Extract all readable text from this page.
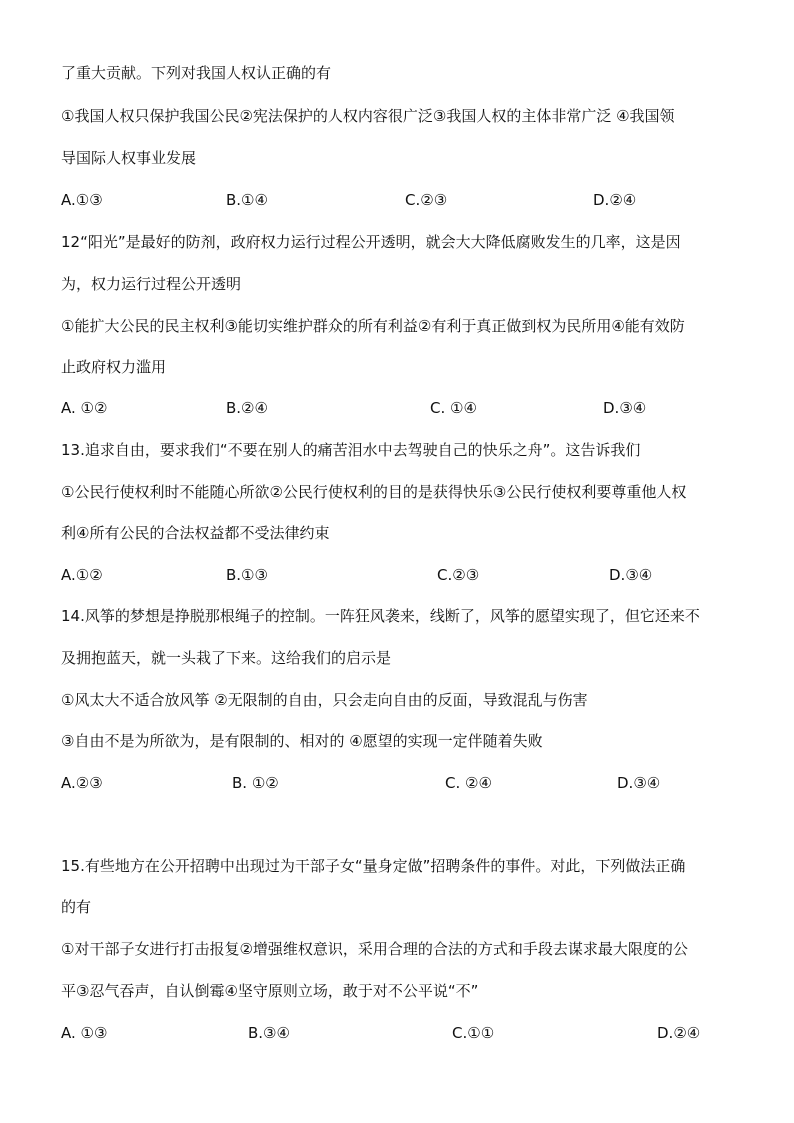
了重大贡献。下列对我国人权认正确的有
①我国人权只保护我国公民②宪法保护的人权内容很广泛③我国人权的主体非常广泛 ④我国领
导国际人权事业发展
A.①③	B.①④	C.②③	D.②④
12“阳光”是最好的防剂，政府权力运行过程公开透明，就会大大降低腐败发生的几率，这是因
为，权力运行过程公开透明
①能扩大公民的民主权利③能切实维护群众的所有利益②有利于真正做到权为民所用④能有效防
止政府权力滥用
A. ①②	B.②④	C. ①④	D.③④
13.追求自由，要求我们“不要在别人的痛苦泪水中去驾驶自己的快乐之舟”。这告诉我们
①公民行使权利时不能随心所欲②公民行使权利的目的是获得快乐③公民行使权利要尊重他人权
利④所有公民的合法权益都不受法律约束
A.①②	B.①③	C.②③	D.③④
14.风筝的梦想是挣脱那根绳子的控制。一阵狂风袭来，线断了，风筝的愿望实现了，但它还来不
及拥抱蓝天，就一头栽了下来。这给我们的启示是
①风太大不适合放风筝 ②无限制的自由，只会走向自由的反面，导致混乱与伤害
③自由不是为所欲为，是有限制的、相对的 ④愿望的实现一定伴随着失败
A.②③	B. ①②	C. ②④	D.③④
15.有些地方在公开招聘中出现过为干部子女“量身定做”招聘条件的事件。对此，下列做法正确
的有
①对干部子女进行打击报复②增强维权意识，采用合理的合法的方式和手段去谋求最大限度的公
平③忍气吞声，自认倒霉④坚守原则立场，敢于对不公平说“不”
A. ①③	B.③④	C.①①	D.②④
